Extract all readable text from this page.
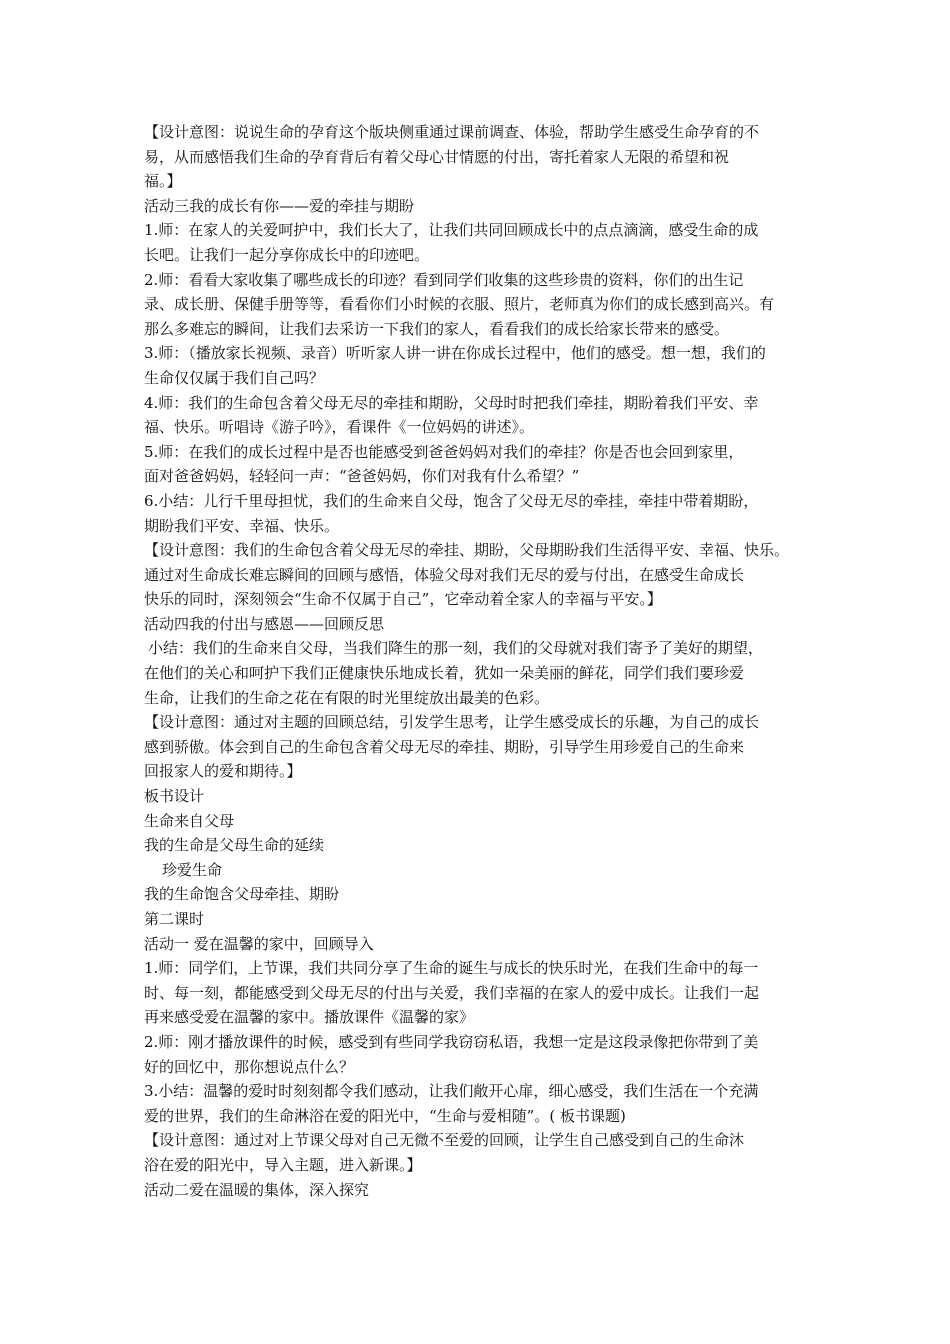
【设计意图：说说生命的孕育这个版块侧重通过课前调查、体验，帮助学生感受生命孕育的不
易，从而感悟我们生命的孕育背后有着父母心甘情愿的付出，寄托着家人无限的希望和祝
福。】
活动三我的成长有你——爱的牵挂与期盼
1.师：在家人的关爱呵护中，我们长大了，让我们共同回顾成长中的点点滴滴，感受生命的成
长吧。让我们一起分享你成长中的印迹吧。
2.师：看看大家收集了哪些成长的印迹？看到同学们收集的这些珍贵的资料，你们的出生记
录、成长册、保健手册等等，看看你们小时候的衣服、照片，老师真为你们的成长感到高兴。有
那么多难忘的瞬间，让我们去采访一下我们的家人，看看我们的成长给家长带来的感受。
3.师：（播放家长视频、录音）听听家人讲一讲在你成长过程中，他们的感受。想一想，我们的
生命仅仅属于我们自己吗？
4.师：我们的生命包含着父母无尽的牵挂和期盼，父母时时把我们牵挂，期盼着我们平安、幸
福、快乐。听唱诗《游子吟》，看课件《一位妈妈的讲述》。
5.师：在我们的成长过程中是否也能感受到爸爸妈妈对我们的牵挂？你是否也会回到家里，
面对爸爸妈妈，轻轻问一声：“爸爸妈妈，你们对我有什么希望？”
6.小结：儿行千里母担忧，我们的生命来自父母，饱含了父母无尽的牵挂，牵挂中带着期盼，
期盼我们平安、幸福、快乐。
【设计意图：我们的生命包含着父母无尽的牵挂、期盼，父母期盼我们生活得平安、幸福、快乐。
通过对生命成长难忘瞬间的回顾与感悟，体验父母对我们无尽的爱与付出，在感受生命成长
快乐的同时，深刻领会“生命不仅属于自己”，它牵动着全家人的幸福与平安。】
活动四我的付出与感恩——回顾反思
小结：我们的生命来自父母，当我们降生的那一刻，我们的父母就对我们寄予了美好的期望，
在他们的关心和呵护下我们正健康快乐地成长着，犹如一朵美丽的鲜花，同学们我们要珍爱
生命，让我们的生命之花在有限的时光里绽放出最美的色彩。
【设计意图：通过对主题的回顾总结，引发学生思考，让学生感受成长的乐趣，为自己的成长
感到骄傲。体会到自己的生命包含着父母无尽的牵挂、期盼，引导学生用珍爱自己的生命来
回报家人的爱和期待。】
板书设计
生命来自父母
我的生命是父母生命的延续
珍爱生命
我的生命饱含父母牵挂、期盼
第二课时
活动一 爱在温馨的家中，回顾导入
1.师：同学们，上节课，我们共同分享了生命的诞生与成长的快乐时光，在我们生命中的每一
时、每一刻，都能感受到父母无尽的付出与关爱，我们幸福的在家人的爱中成长。让我们一起
再来感受爱在温馨的家中。播放课件《温馨的家》
2.师：刚才播放课件的时候，感受到有些同学我窃窃私语，我想一定是这段录像把你带到了美
好的回忆中，那你想说点什么？
3.小结：温馨的爱时时刻刻都令我们感动，让我们敞开心扉，细心感受，我们生活在一个充满
爱的世界，我们的生命淋浴在爱的阳光中，“生命与爱相随”。( 板书课题)
【设计意图：通过对上节课父母对自己无微不至爱的回顾，让学生自己感受到自己的生命沐
浴在爱的阳光中，导入主题，进入新课。】
活动二爱在温暖的集体，深入探究
